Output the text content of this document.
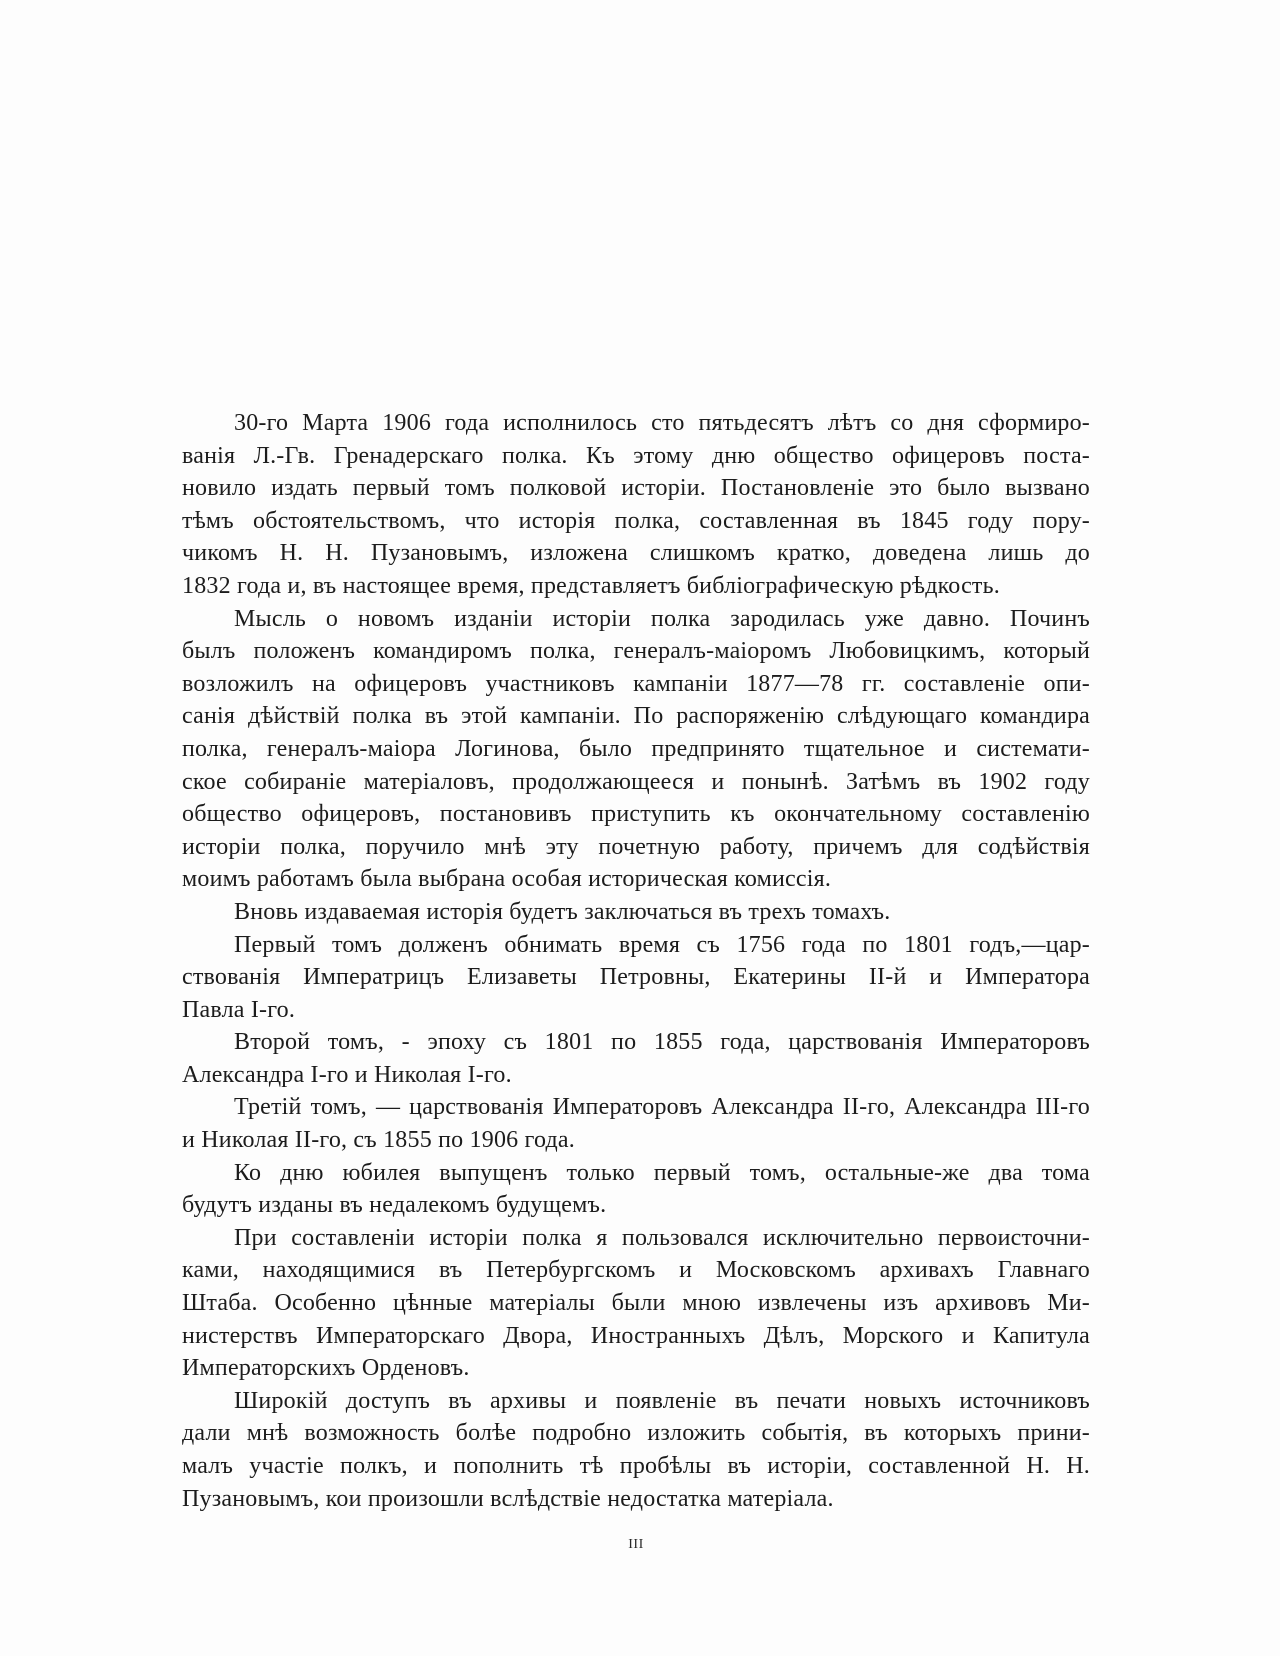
30-го Марта 1906 года исполнилось сто пятьдесятъ лѣтъ со дня сформиро-
ванія Л.-Гв. Гренадерскаго полка. Къ этому дню общество офицеровъ поста-
новило издать первый томъ полковой исторіи. Постановленіе это было вызвано
тѣмъ обстоятельствомъ, что исторія полка, составленная въ 1845 году пору-
чикомъ Н. Н. Пузановымъ, изложена слишкомъ кратко, доведена лишь до
1832 года и, въ настоящее время, представляетъ библіографическую рѣдкость.
Мысль о новомъ изданіи исторіи полка зародилась уже давно. Починъ
былъ положенъ командиромъ полка, генералъ-маіоромъ Любовицкимъ, который
возложилъ на офицеровъ участниковъ кампаніи 1877—78 гг. составленіе опи-
санія дѣйствій полка въ этой кампаніи. По распоряженію слѣдующаго командира
полка, генералъ-маіора Логинова, было предпринято тщательное и системати-
ское собираніе матеріаловъ, продолжающееся и понынѣ. Затѣмъ въ 1902 году
общество офицеровъ, постановивъ приступить къ окончательному составленію
исторіи полка, поручило мнѣ эту почетную работу, причемъ для содѣйствія
моимъ работамъ была выбрана особая историческая комиссія.
Вновь издаваемая исторія будетъ заключаться въ трехъ томахъ.
Первый томъ долженъ обнимать время съ 1756 года по 1801 годъ,—цар-
ствованія Императрицъ Елизаветы Петровны, Екатерины II-й и Императора
Павла I-го.
Второй томъ, - эпоху съ 1801 по 1855 года, царствованія Императоровъ
Александра I-го и Николая I-го.
Третій томъ, — царствованія Императоровъ Александра II-го, Александра III-го
и Николая II-го, съ 1855 по 1906 года.
Ко дню юбилея выпущенъ только первый томъ, остальные-же два тома
будутъ изданы въ недалекомъ будущемъ.
При составленіи исторіи полка я пользовался исключительно первоисточни-
ками, находящимися въ Петербургскомъ и Московскомъ архивахъ Главнаго
Штаба. Особенно цѣнные матеріалы были мною извлечены изъ архивовъ Ми-
нистерствъ Императорскаго Двора, Иностранныхъ Дѣлъ, Морского и Капитула
Императорскихъ Орденовъ.
Широкій доступъ въ архивы и появленіе въ печати новыхъ источниковъ
дали мнѣ возможность болѣе подробно изложить событія, въ которыхъ прини-
малъ участіе полкъ, и пополнить тѣ пробѣлы въ исторіи, составленной Н. Н.
Пузановымъ, кои произошли вслѣдствіе недостатка матеріала.
III
